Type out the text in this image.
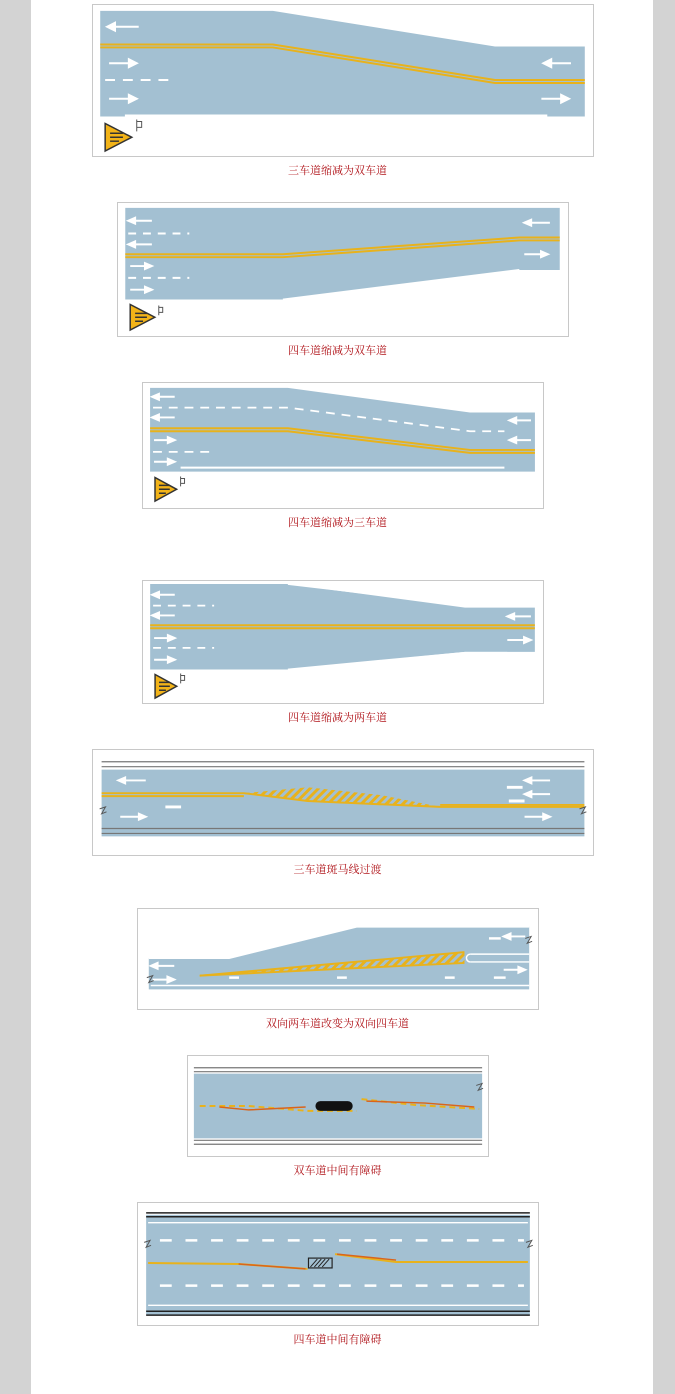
三车道缩减为双车道
四车道缩减为双车道
四车道缩减为三车道
四车道缩减为两车道
三车道斑马线过渡
双向两车道改变为双向四车道
双车道中间有障碍
四车道中间有障碍
